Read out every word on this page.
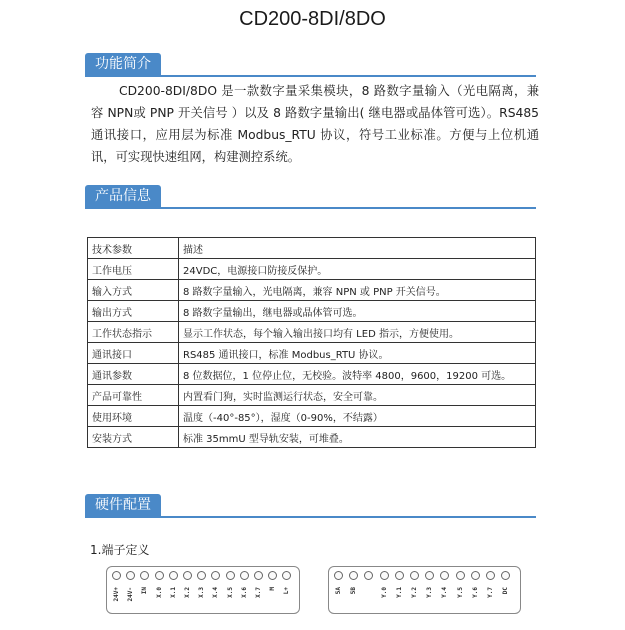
CD200-8DI/8DO
功能简介
CD200-8DI/8DO 是一款数字量采集模块，8 路数字量输入（光电隔离，兼容 NPN或 PNP 开关信号 ）以及 8 路数字量输出( 继电器或晶体管可选）。RS485 通讯接口，应用层为标准 Modbus_RTU 协议，符号工业标准。方便与上位机通讯，可实现快速组网，构建测控系统。
产品信息
技术参数	描述
工作电压	24VDC，电源接口防接反保护。
输入方式	8 路数字量输入，光电隔离，兼容 NPN 或 PNP 开关信号。
输出方式	8 路数字量输出，继电器或晶体管可选。
工作状态指示	显示工作状态，每个输入输出接口均有 LED 指示，方便使用。
通讯接口	RS485 通讯接口，标准 Modbus_RTU 协议。
通讯参数	8 位数据位，1 位停止位，无校验。波特率 4800，9600，19200 可选。
产品可靠性	内置看门狗，实时监测运行状态，安全可靠。
使用环境	温度（-40°-85°），湿度（0-90%，不结露）
安装方式	标准 35mmU 型导轨安装，可堆叠。
硬件配置
1.端子定义
24V+ 24V- IN X.0 X.1 X.2 X.3 X.4 X.5 X.6 X.7 M L+	5A 5B	Y.0 Y.1 Y.2 Y.3 Y.4 Y.5 Y.6 Y.7 DC
